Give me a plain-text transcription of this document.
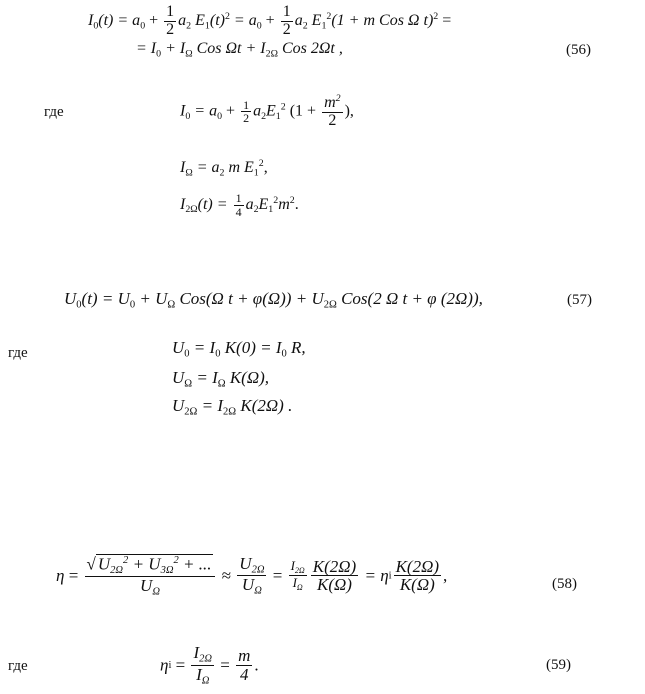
$I_0(t) = a_0 + \frac{1}{2} a_2$ $E_1(t)^2 = a_0 + \frac{1}{2} a_2$ $E_1^2(1 + m$ Cos Ω t)$^2$ =
= $I_0 + I_\Omega$ Cos $\Omega t + I_{2\Omega}$ Cos 2Ωt ,	(56)
где	$I_0 = a_0 + \frac{1}{2} a_2E_1^2$ ($1 + \frac{m^2}{2}$ ),
$I_\Omega = a_2$ m $E_1^2$,
$I_{2\Omega}(t) = \frac{1}{4} a_2E_1^2m^2$.
$U_0(t) = U_0 + U_\Omega$ Cos(Ω $t + \varphi(\Omega)) + U_{2\Omega}$ Cos(2 Ω t + φ (2Ω)),	(57)
где	$U_0 = I_0$ $K(0) = I_0$ R,
$U_\Omega = I_\Omega$ K(Ω),
$U_{2\Omega} = I_{2\Omega}$ K(2Ω) .
$\eta = \frac{√ U_{2\Omega}^2 + U_{3\Omega}^2 + ...}{U_\Omega} \approx \frac{U_{2\Omega}}{U_\Omega} = \frac{I_{2\Omega}}{I_\Omega} \frac{K(2\Omega)}{K(\Omega)} = \eta i \frac{K(2\Omega)}{K(\Omega)}$ ,	(58)
где	$\eta i = \frac{I_{2\Omega}}{I_\Omega} = \frac{m}{4}$ .	(59)
